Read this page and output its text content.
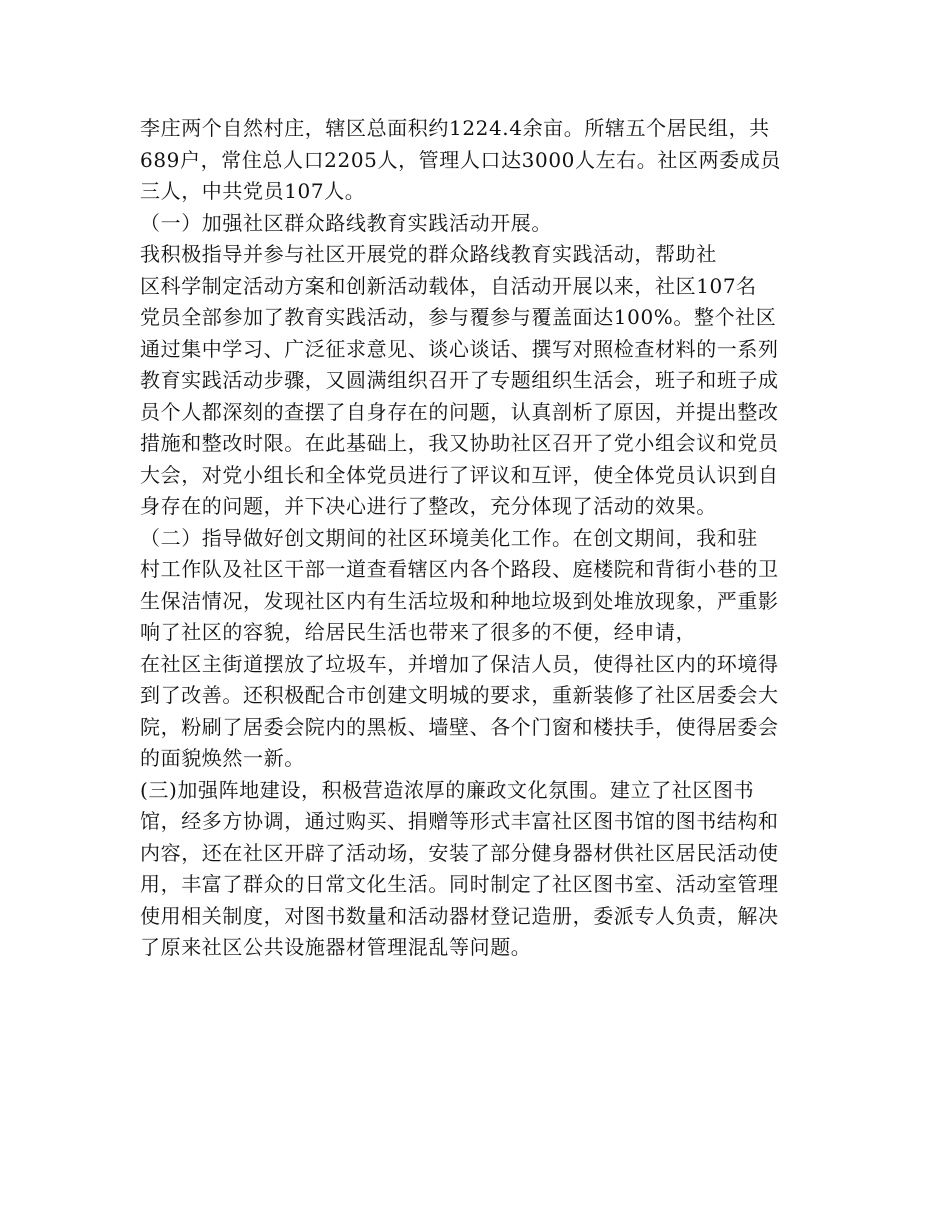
李庄两个自然村庄，辖区总面积约1224.4余亩。所辖五个居民组，共
689户，常住总人口2205人，管理人口达3000人左右。社区两委成员
三人，中共党员107人。
（一）加强社区群众路线教育实践活动开展。
我积极指导并参与社区开展党的群众路线教育实践活动，帮助社
区科学制定活动方案和创新活动载体，自活动开展以来，社区107名
党员全部参加了教育实践活动，参与覆参与覆盖面达100%。整个社区
通过集中学习、广泛征求意见、谈心谈话、撰写对照检查材料的一系列
教育实践活动步骤，又圆满组织召开了专题组织生活会，班子和班子成
员个人都深刻的查摆了自身存在的问题，认真剖析了原因，并提出整改
措施和整改时限。在此基础上，我又协助社区召开了党小组会议和党员
大会，对党小组长和全体党员进行了评议和互评，使全体党员认识到自
身存在的问题，并下决心进行了整改，充分体现了活动的效果。
（二）指导做好创文期间的社区环境美化工作。在创文期间，我和驻
村工作队及社区干部一道查看辖区内各个路段、庭楼院和背街小巷的卫
生保洁情况，发现社区内有生活垃圾和种地垃圾到处堆放现象，严重影
响了社区的容貌，给居民生活也带来了很多的不便，经申请，
在社区主街道摆放了垃圾车，并增加了保洁人员，使得社区内的环境得
到了改善。还积极配合市创建文明城的要求，重新装修了社区居委会大
院，粉刷了居委会院内的黑板、墙壁、各个门窗和楼扶手，使得居委会
的面貌焕然一新。
(三)加强阵地建设，积极营造浓厚的廉政文化氛围。建立了社区图书
馆，经多方协调，通过购买、捐赠等形式丰富社区图书馆的图书结构和
内容，还在社区开辟了活动场，安装了部分健身器材供社区居民活动使
用，丰富了群众的日常文化生活。同时制定了社区图书室、活动室管理
使用相关制度，对图书数量和活动器材登记造册，委派专人负责，解决
了原来社区公共设施器材管理混乱等问题。
